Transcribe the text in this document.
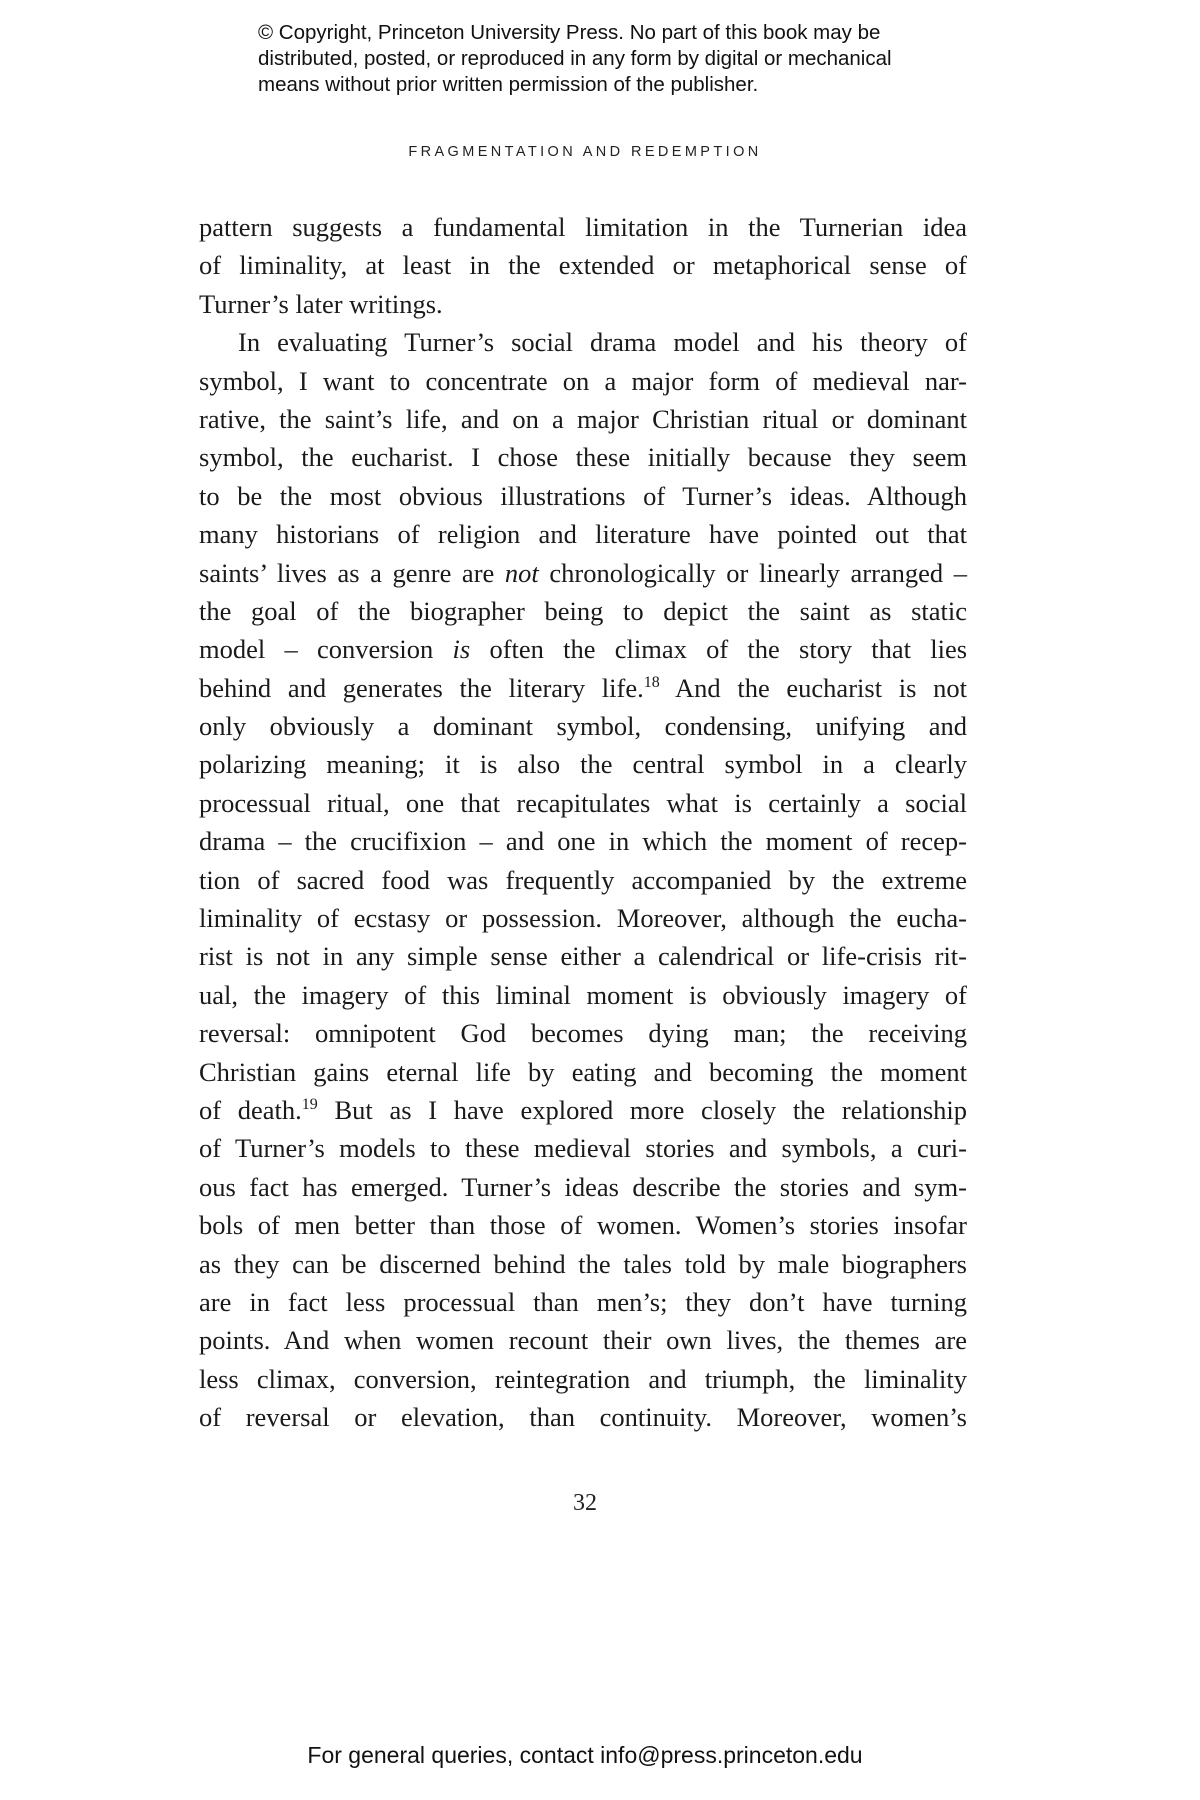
© Copyright, Princeton University Press. No part of this book may be
distributed, posted, or reproduced in any form by digital or mechanical
means without prior written permission of the publisher.
FRAGMENTATION AND REDEMPTION
pattern suggests a fundamental limitation in the Turnerian idea
of liminality, at least in the extended or metaphorical sense of
Turner’s later writings.
In evaluating Turner’s social drama model and his theory of
symbol, I want to concentrate on a major form of medieval nar-
rative, the saint’s life, and on a major Christian ritual or dominant
symbol, the eucharist. I chose these initially because they seem
to be the most obvious illustrations of Turner’s ideas. Although
many historians of religion and literature have pointed out that
saints’ lives as a genre are not chronologically or linearly arranged –
the goal of the biographer being to depict the saint as static
model – conversion is often the climax of the story that lies
behind and generates the literary life.$^{18}$ And the eucharist is not
only obviously a dominant symbol, condensing, unifying and
polarizing meaning; it is also the central symbol in a clearly
processual ritual, one that recapitulates what is certainly a social
drama – the crucifixion – and one in which the moment of recep-
tion of sacred food was frequently accompanied by the extreme
liminality of ecstasy or possession. Moreover, although the eucha-
rist is not in any simple sense either a calendrical or life-crisis rit-
ual, the imagery of this liminal moment is obviously imagery of
reversal: omnipotent God becomes dying man; the receiving
Christian gains eternal life by eating and becoming the moment
of death.$^{19}$ But as I have explored more closely the relationship
of Turner’s models to these medieval stories and symbols, a curi-
ous fact has emerged. Turner’s ideas describe the stories and sym-
bols of men better than those of women. Women’s stories insofar
as they can be discerned behind the tales told by male biographers
are in fact less processual than men’s; they don’t have turning
points. And when women recount their own lives, the themes are
less climax, conversion, reintegration and triumph, the liminality
of reversal or elevation, than continuity. Moreover, women’s
32
For general queries, contact info@press.princeton.edu
